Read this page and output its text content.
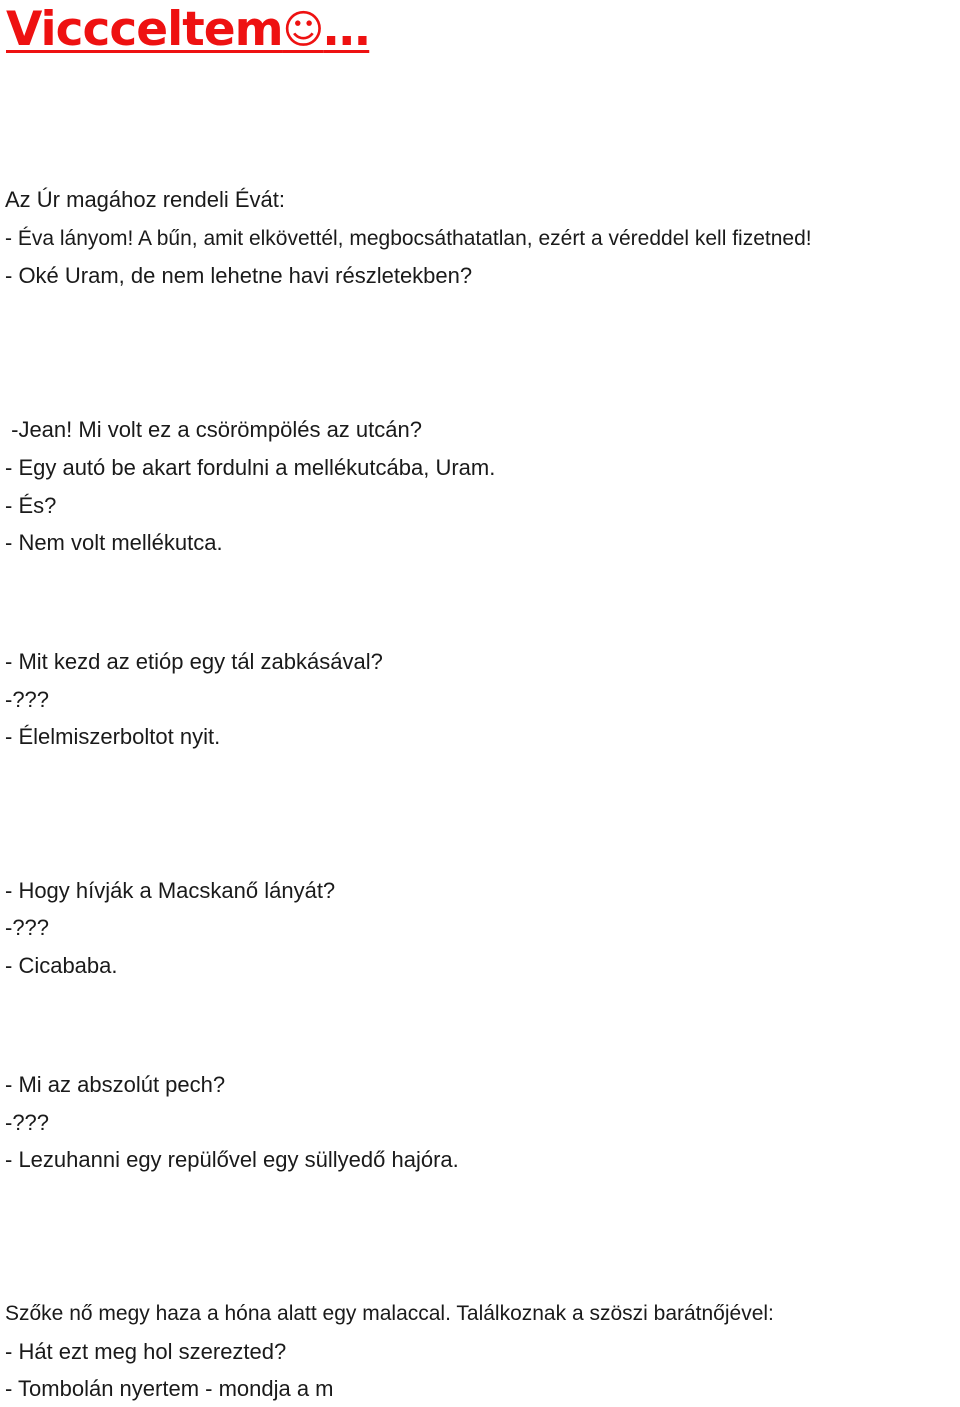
Viccceltem☺…

Az Úr magához rendeli Évát:

- Éva lányom! A bűn, amit elkövettél, megbocsáthatatlan, ezért a véreddel kell fizetned!

- Oké Uram, de nem lehetne havi részletekben?

-Jean! Mi volt ez a csörömpölés az utcán?

- Egy autó be akart fordulni a mellékutcába, Uram.

- És?

- Nem volt mellékutca.

- Mit kezd az etióp egy tál zabkásával?

-???

- Élelmiszerboltot nyit.

- Hogy hívják a Macskanő lányát?

-???

- Cicababa.

- Mi az abszolút pech?

-???

- Lezuhanni egy repülővel egy süllyedő hajóra.

Szőke nő megy haza a hóna alatt egy malaccal. Találkoznak a szöszi barátnőjével:

- Hát ezt meg hol szerezted?

- Tombolán nyertem - mondja a m
